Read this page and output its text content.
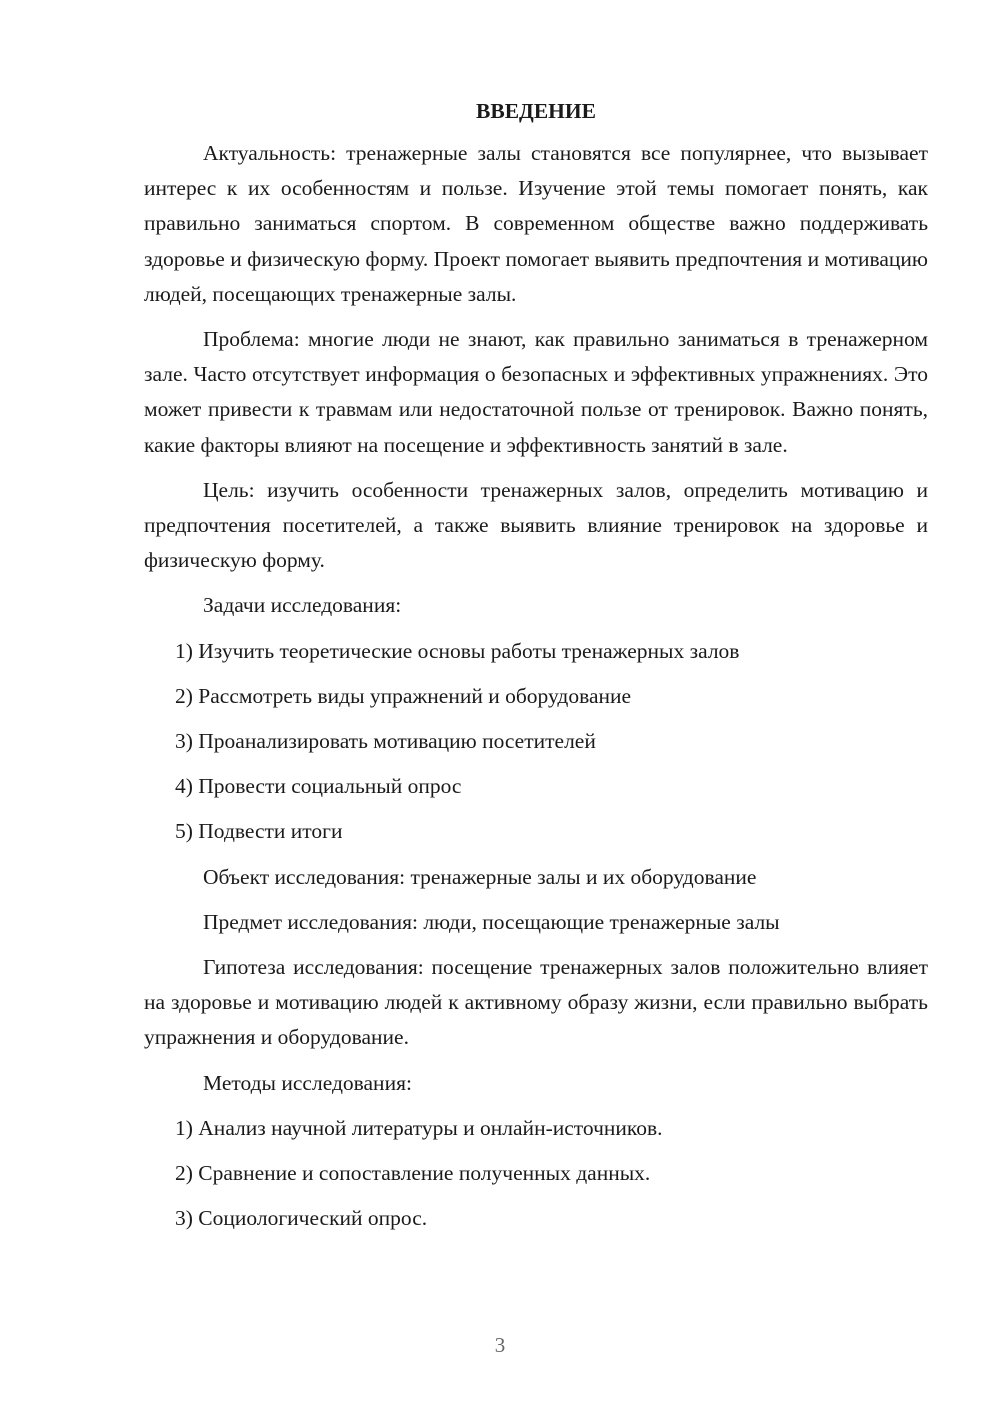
ВВЕДЕНИЕ
Актуальность: тренажерные залы становятся все популярнее, что вызывает интерес к их особенностям и пользе. Изучение этой темы помогает понять, как правильно заниматься спортом. В современном обществе важно поддерживать здоровье и физическую форму. Проект помогает выявить предпочтения и мотивацию людей, посещающих тренажерные залы.
Проблема: многие люди не знают, как правильно заниматься в тренажерном зале. Часто отсутствует информация о безопасных и эффективных упражнениях. Это может привести к травмам или недостаточной пользе от тренировок. Важно понять, какие факторы влияют на посещение и эффективность занятий в зале.
Цель: изучить особенности тренажерных залов, определить мотивацию и предпочтения посетителей, а также выявить влияние тренировок на здоровье и физическую форму.
Задачи исследования:
1) Изучить теоретические основы работы тренажерных залов
2) Рассмотреть виды упражнений и оборудование
3) Проанализировать мотивацию посетителей
4) Провести социальный опрос
5) Подвести итоги
Объект исследования: тренажерные залы и их оборудование
Предмет исследования: люди, посещающие тренажерные залы
Гипотеза исследования: посещение тренажерных залов положительно влияет на здоровье и мотивацию людей к активному образу жизни, если правильно выбрать упражнения и оборудование.
Методы исследования:
1) Анализ научной литературы и онлайн-источников.
2) Сравнение и сопоставление полученных данных.
3) Социологический опрос.
3
